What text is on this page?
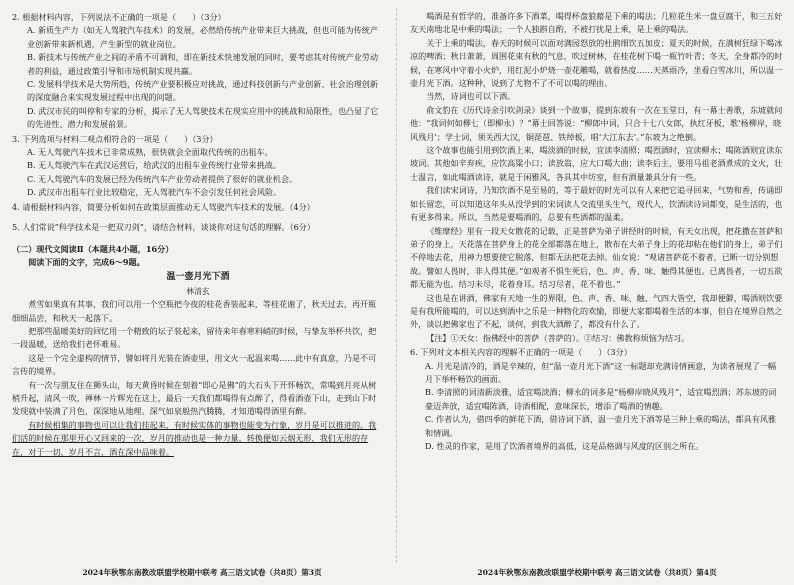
2. 根据材料内容，下列说法不正确的一项是（　　）（3分）

A. 新质生产力（如无人驾驶汽车技术）的发展，必然给传统产业带来巨大挑战，但也可能为传统产业创新带来新机遇，产生新型的就业岗位。

B. 新技术与传统产业之间的矛盾不可调和，即在新技术快速发展的同时，要考虑其对传统产业劳动者的利益，通过政策引导和市场机制实现共赢。

C. 发展科学技术是大势所趋，传统产业要积极应对挑战，通过科技创新与产业创新、社会治理创新的深度融合来实现发展过程中出现的问题。

D. 武汉市民的叫停和专家的分析，揭示了无人驾驶技术在现实应用中的挑战和局限性，也凸显了它的先进性、潜力和发展前景。

3. 下列选项与材料二观点相符合的一项是（　　）（3分）

A. 无人驾驶汽车技术已非常成熟，很快就会全面取代传统的出租车。

B. 无人驾驶汽车在武汉运营后，给武汉的出租车业传统行业带来挑战。

C. 无人驾驶汽车的发展已经为传统汽车产业劳动者提供了很好的就业机会。

D. 武汉市出租车行业比较稳定，无人驾驶汽车不会引发任何社会风险。

4. 请根据材料内容，简要分析如何在政策层面推动无人驾驶汽车技术的发展。（4分）

5. 人们常说“科学技术是一把双刃剑”，请结合材料，谈谈你对这句话的理解。（6分）

（二）现代文阅读Ⅱ（本题共4小题，16分）

阅读下面的文字，完成6～9题。

温一壶月光下酒

林清玄

煮雪如果真有其事，我们可以用一个空瓶把今夜的桂花香装起来，等桂花谢了，秋天过去，再开瓶细细品尝，和秋天一起落下。

把那些温暖美好的回忆用一个精致的坛子装起来，留待来年春寒料峭的时候，与挚友举杯共饮，把一段温暖，送给我们老怀难易。

这是一个完全虚构的情节，譬如将月光装在酒壶里，用文火一起温来喝……此中有真意，乃是不可言传的境界。

有一次与朋友住在狮头山，每天黄昏时候在刻着“即心是佛”的大石头下开怀畅饮，常喝到月亮从树梢升起，清风一吹，禅林一片辉光在这上，最后一天我们都喝得有点醉了，得看酒壶下山，走到山下时发现就中装满了月色，深深地从地理。深气如泉般热汽腾腾，才知道喝得酒里有醉。

有时候相集的事物也可以让我们挂起来，有时候实体的事物也能变为行象，岁月是可以推进的。我们活的时候在那里开心又回来的一次，岁月的推动也是一种力量，转换便如云烟无形，我们无形的存在，对于一切，岁月不言，酒在深中品味着。

喝酒是有哲学的，准备许多下酒菜，喝得杯盘狼藉是下乘的喝法；几粒花生米一盘豆腐干，和三五好友天南地北是中乘的喝法；一个人独斟自酌，不被打扰是上乘，是上乘的喝法。

关于上乘的喝法，春天的时候可以面对满园怒放的杜鹃细饮五加皮；夏天的时候，在满树狂绿下喝冰凉的啤酒；秋日萧萧，周围花束有秋的气息，吹过树林，在桂花树下喝一瓶竹叶青；冬天，全身都冷的时候，在寒风中守着小火炉，用红泥小炉烧一壶花雕喝，就着热度……天蒸雨冷，坐看白雪冰川，所以温一壶月光下酒。这种种，说到了尤物不了不可以喝的理由。

当然，诗词也可以下酒。

俞文豹在《历代诗余引吹剑录》谈到一个故事，提到东坡有一次在玉堂日，有一幕士善歌，东坡就问他：“我词何如柳七（即柳永）？”幕士回答说：“柳郎中词，只合十七八女郎，执红牙板，歌‘杨柳岸，晓风残月’；学士词，须关西大汉，铜琵琶、铁绰板，唱‘大江东去’。”东坡为之绝倒。

这个故事也能引用到饮酒上来，喝淡酒的时候，宜读李清照；喝烈酒时，宜读柳永；喝陈酒则宜读东坡词。其他如辛弃疾，应饮高粱小口；读放翁，应大口喝大曲；读李后主，要用马祖老酒煮成的文火，壮士温言，如此喝酒读诗，就是于闲雅风，各具其中坊室，但有酒量兼具分有一些。

我们读宋词诗，乃知饮酒不是至易的，等于最好的时光可以有人来把它追寻回来，气势和香，传诵即如长留恋，可以知道这年头从没学到的宋词读人交流里头生气，现代人，饮酒读诗词都变，是生活的，也有更多得来。所以，当然是要喝酒的，总要有些酒都的温柔。

《维摩经》里有一段天女散花的记载，正是菩萨为弟子讲经时的时候，有天女出现，把花撒在菩萨和弟子的身上，天花落在菩萨身上的花全部都落在地上，散布在大弟子身上的花却粘在他们的身上，弟子们不停地去花，用神力想要使它脱落，但都无法把花去掉。仙女说：“观诸菩萨花不着者，已断一切分别想故。譬如人畏时，非人得其便。”如观者不惧生死后，色、声、香、味、触得其便也。已离畏者，一切五欲都无能为也。结习未尽，花着身耳。结习尽者，花不着也。”

这也是在讲酒，佛家有天地一生的界限，色、声、香、味、触、气四大皆空，我却便僻，喝酒则饮要是有我所能喝的，可以达到酒中之乐是一种物化的欢愉，即便大家都喝着生活的本事，但自在境界自然之外，谈以把佛家也了不起，谈何，到我大酒醉了，都没有什么了。

【注】①天女：指佛经中的菩萨（菩萨的）。②结习：佛教称烦恼为结习。

6. 下列对文本相关内容的理解不正确的一项是（　　）（3分）

A. 月光是清冷的，酒是辛辣的，但“温一壶月光下酒”这一标题却充满诗情画意，为读者展现了一幅月下举杯畅饮的画面。

B. 李清照的词清新淡雅，适宜喝淡酒；柳永的词多是“杨柳岸晓风残月”，适宜喝烈酒；苏东坡的词豪迈奔放，适宜喝陈酒，诗酒相配，意味深长，增添了喝酒的情趣。

C. 作者认为，借四季的鲜花下酒，借诗词下酒，温一壶月光下酒等是三种上乘的喝法，都具有风雅和情调。

D. 性灵的作家，是用了饮酒者境界的高低，这是品格调与风度的区别之所在。

2024年秋鄂东南教改联盟学校期中联考 高三语文试卷（共8页）第3页	2024年秋鄂东南教改联盟学校期中联考 高三语文试卷（共8页）第4页
